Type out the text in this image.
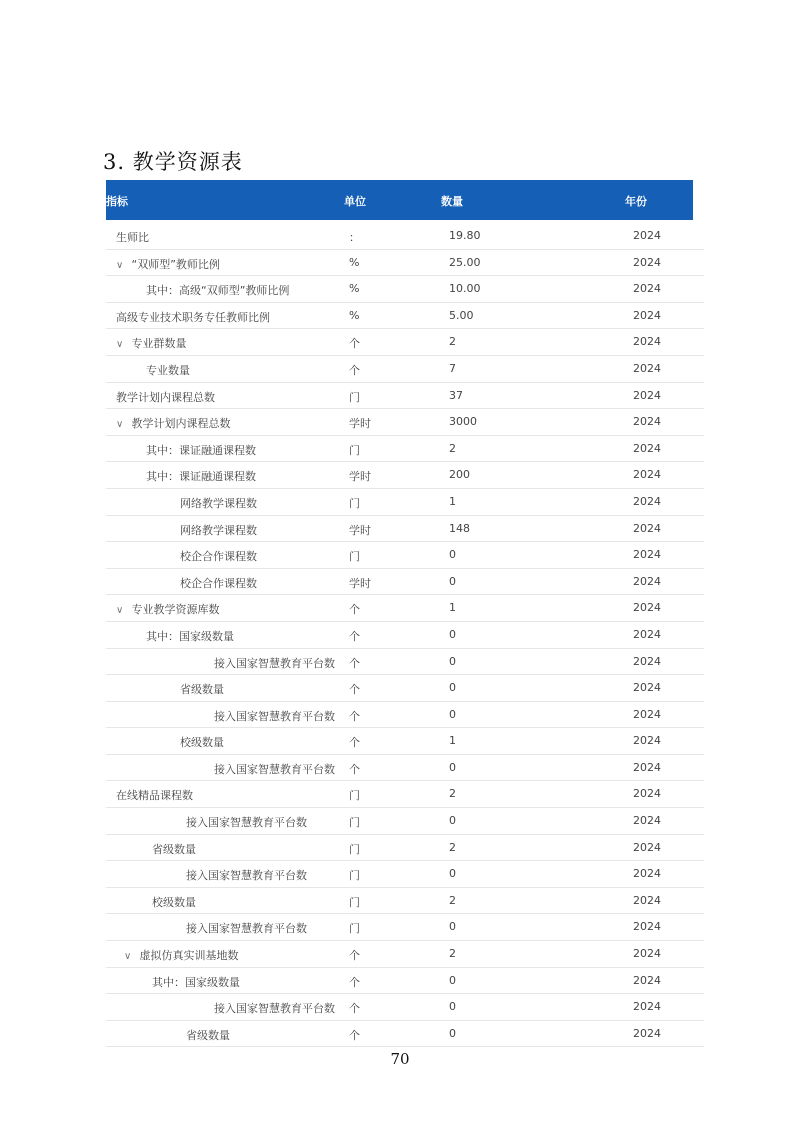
3. 教学资源表
指标	单位	数量	年份
生师比	：	19.80	2024
∨ “双师型”教师比例	%	25.00	2024
其中：高级“双师型”教师比例	%	10.00	2024
高级专业技术职务专任教师比例	%	5.00	2024
∨ 专业群数量	个	2	2024
专业数量	个	7	2024
教学计划内课程总数	门	37	2024
∨ 教学计划内课程总数	学时	3000	2024
其中：课证融通课程数	门	2	2024
其中：课证融通课程数	学时	200	2024
网络教学课程数	门	1	2024
网络教学课程数	学时	148	2024
校企合作课程数	门	0	2024
校企合作课程数	学时	0	2024
∨ 专业教学资源库数	个	1	2024
其中：国家级数量	个	0	2024
接入国家智慧教育平台数 个	0	2024
省级数量	个	0	2024
接入国家智慧教育平台数 个	0	2024
校级数量	个	1	2024
接入国家智慧教育平台数 个	0	2024
在线精品课程数	门	2	2024
接入国家智慧教育平台数	门	0	2024
省级数量	门	2	2024
接入国家智慧教育平台数	门	0	2024
校级数量	门	2	2024
接入国家智慧教育平台数	门	0	2024
∨ 虚拟仿真实训基地数	个	2	2024
其中：国家级数量	个	0	2024
接入国家智慧教育平台数 个	0	2024
省级数量	个	0	2024
70
